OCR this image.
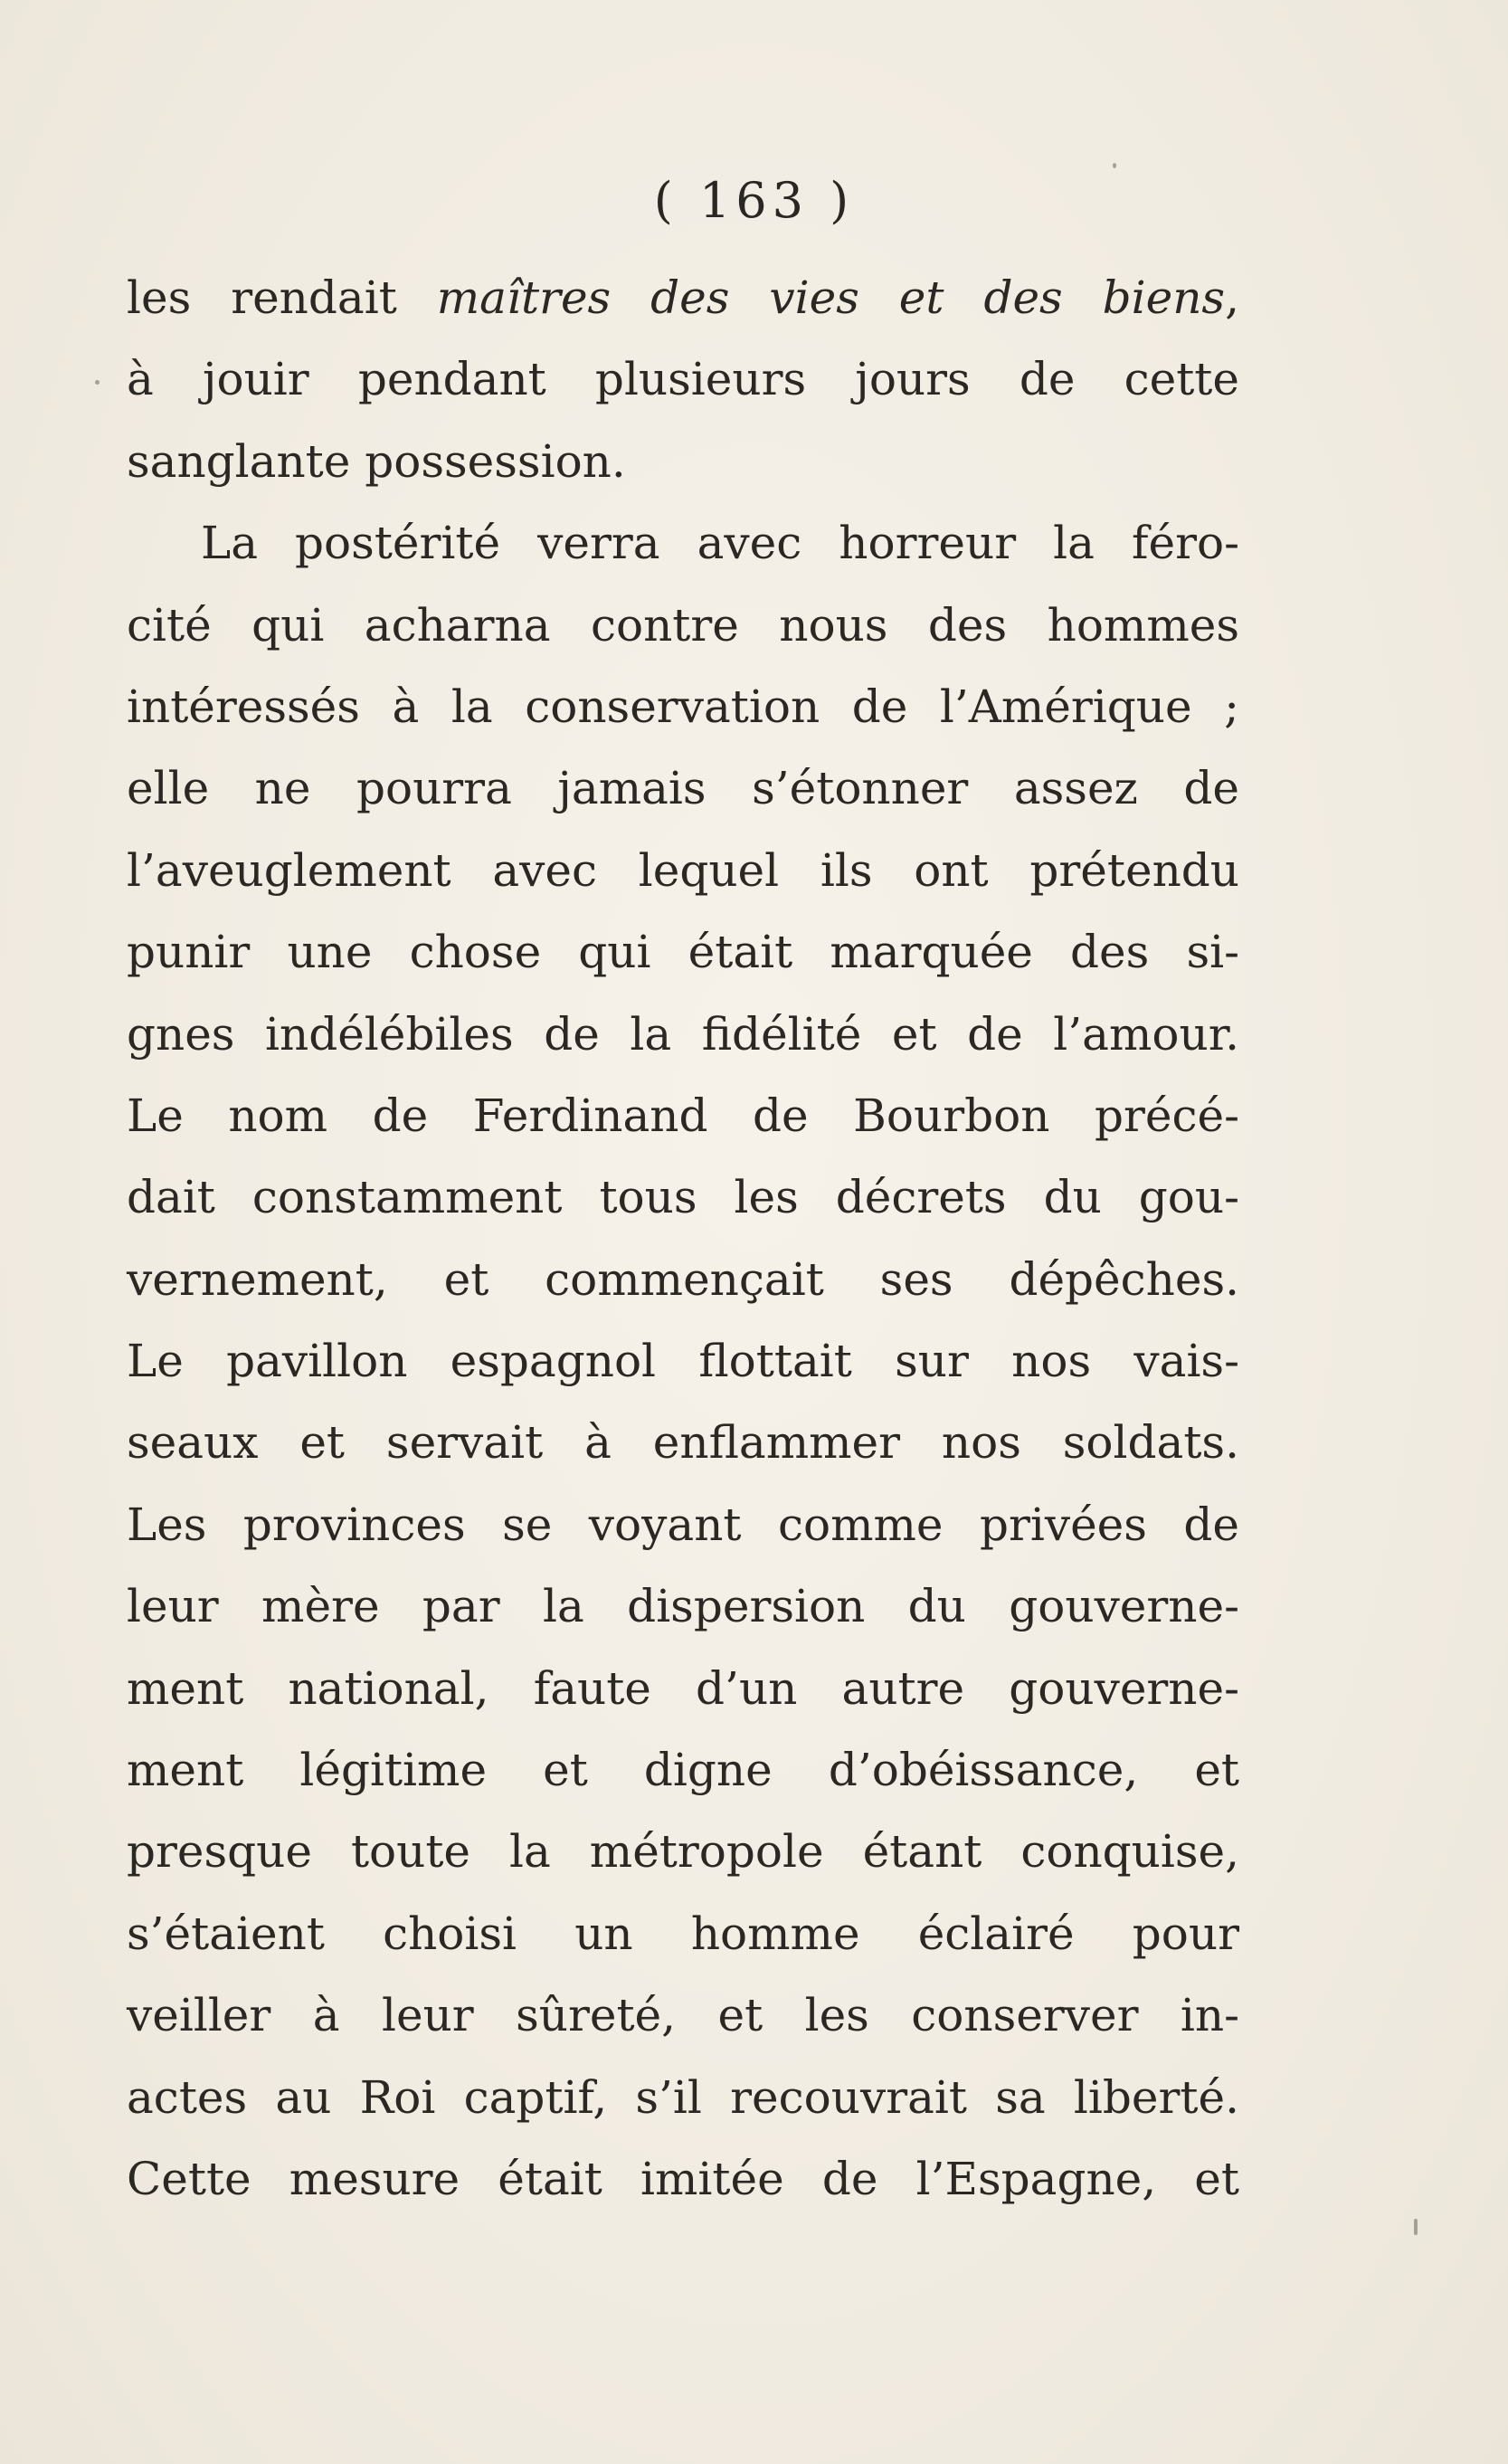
( 163 )
les rendait maîtres des vies et des biens,
à jouir pendant plusieurs jours de cette
sanglante possession.
La postérité verra avec horreur la féro-
cité qui acharna contre nous des hommes
intéressés à la conservation de l’Amérique ;
elle ne pourra jamais s’étonner assez de
l’aveuglement avec lequel ils ont prétendu
punir une chose qui était marquée des si-
gnes indélébiles de la fidélité et de l’amour.
Le nom de Ferdinand de Bourbon précé-
dait constamment tous les décrets du gou-
vernement, et commençait ses dépêches.
Le pavillon espagnol flottait sur nos vais-
seaux et servait à enflammer nos soldats.
Les provinces se voyant comme privées de
leur mère par la dispersion du gouverne-
ment national, faute d’un autre gouverne-
ment légitime et digne d’obéissance, et
presque toute la métropole étant conquise,
s’étaient choisi un homme éclairé pour
veiller à leur sûreté, et les conserver in-
actes au Roi captif, s’il recouvrait sa liberté.
Cette mesure était imitée de l’Espagne, et
